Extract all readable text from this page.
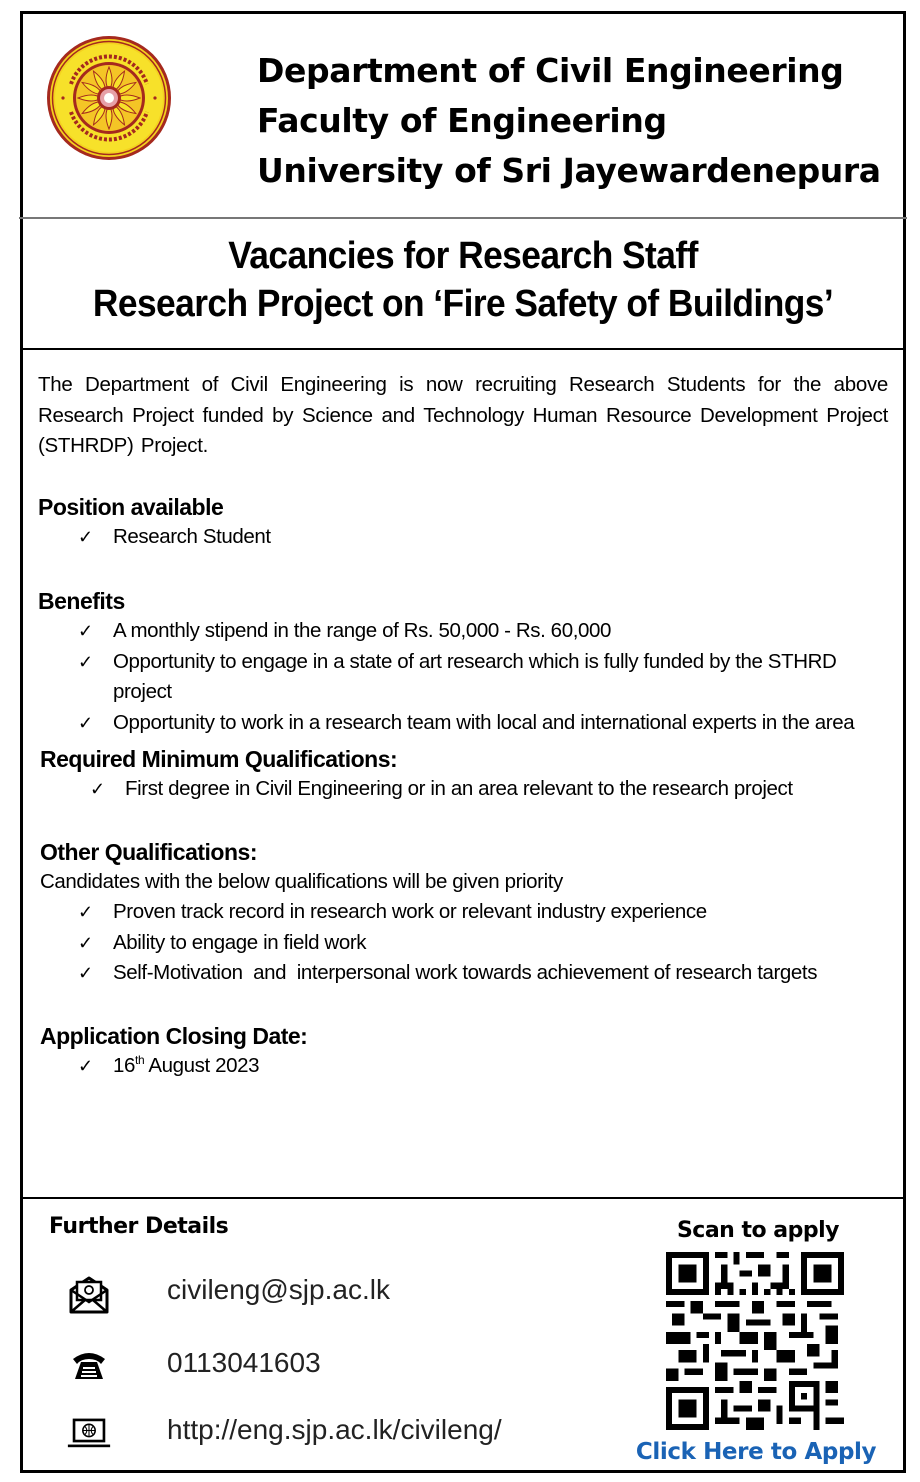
Department of Civil Engineering
Faculty of Engineering
University of Sri Jayewardenepura
Vacancies for Research Staff
Research Project on ‘Fire Safety of Buildings’

The Department of Civil Engineering is now recruiting Research Students for the above Research Project funded by Science and Technology Human Resource Development Project (STHRDP) Project.

Position available
✓ Research Student
Benefits
✓ A monthly stipend in the range of Rs. 50,000 - Rs. 60,000
✓ Opportunity to engage in a state of art research which is fully funded by the STHRD project
✓ Opportunity to work in a research team with local and international experts in the area
Required Minimum Qualifications:
✓ First degree in Civil Engineering or in an area relevant to the research project
Other Qualifications:
Candidates with the below qualifications will be given priority
✓ Proven track record in research work or relevant industry experience
✓ Ability to engage in field work
✓ Self-Motivation  and  interpersonal work towards achievement of research targets
Application Closing Date:
✓ 16th August 2023
Further Details
civileng@sjp.ac.lk
0113041603
http://eng.sjp.ac.lk/civileng/
Scan to apply
Click Here to Apply
